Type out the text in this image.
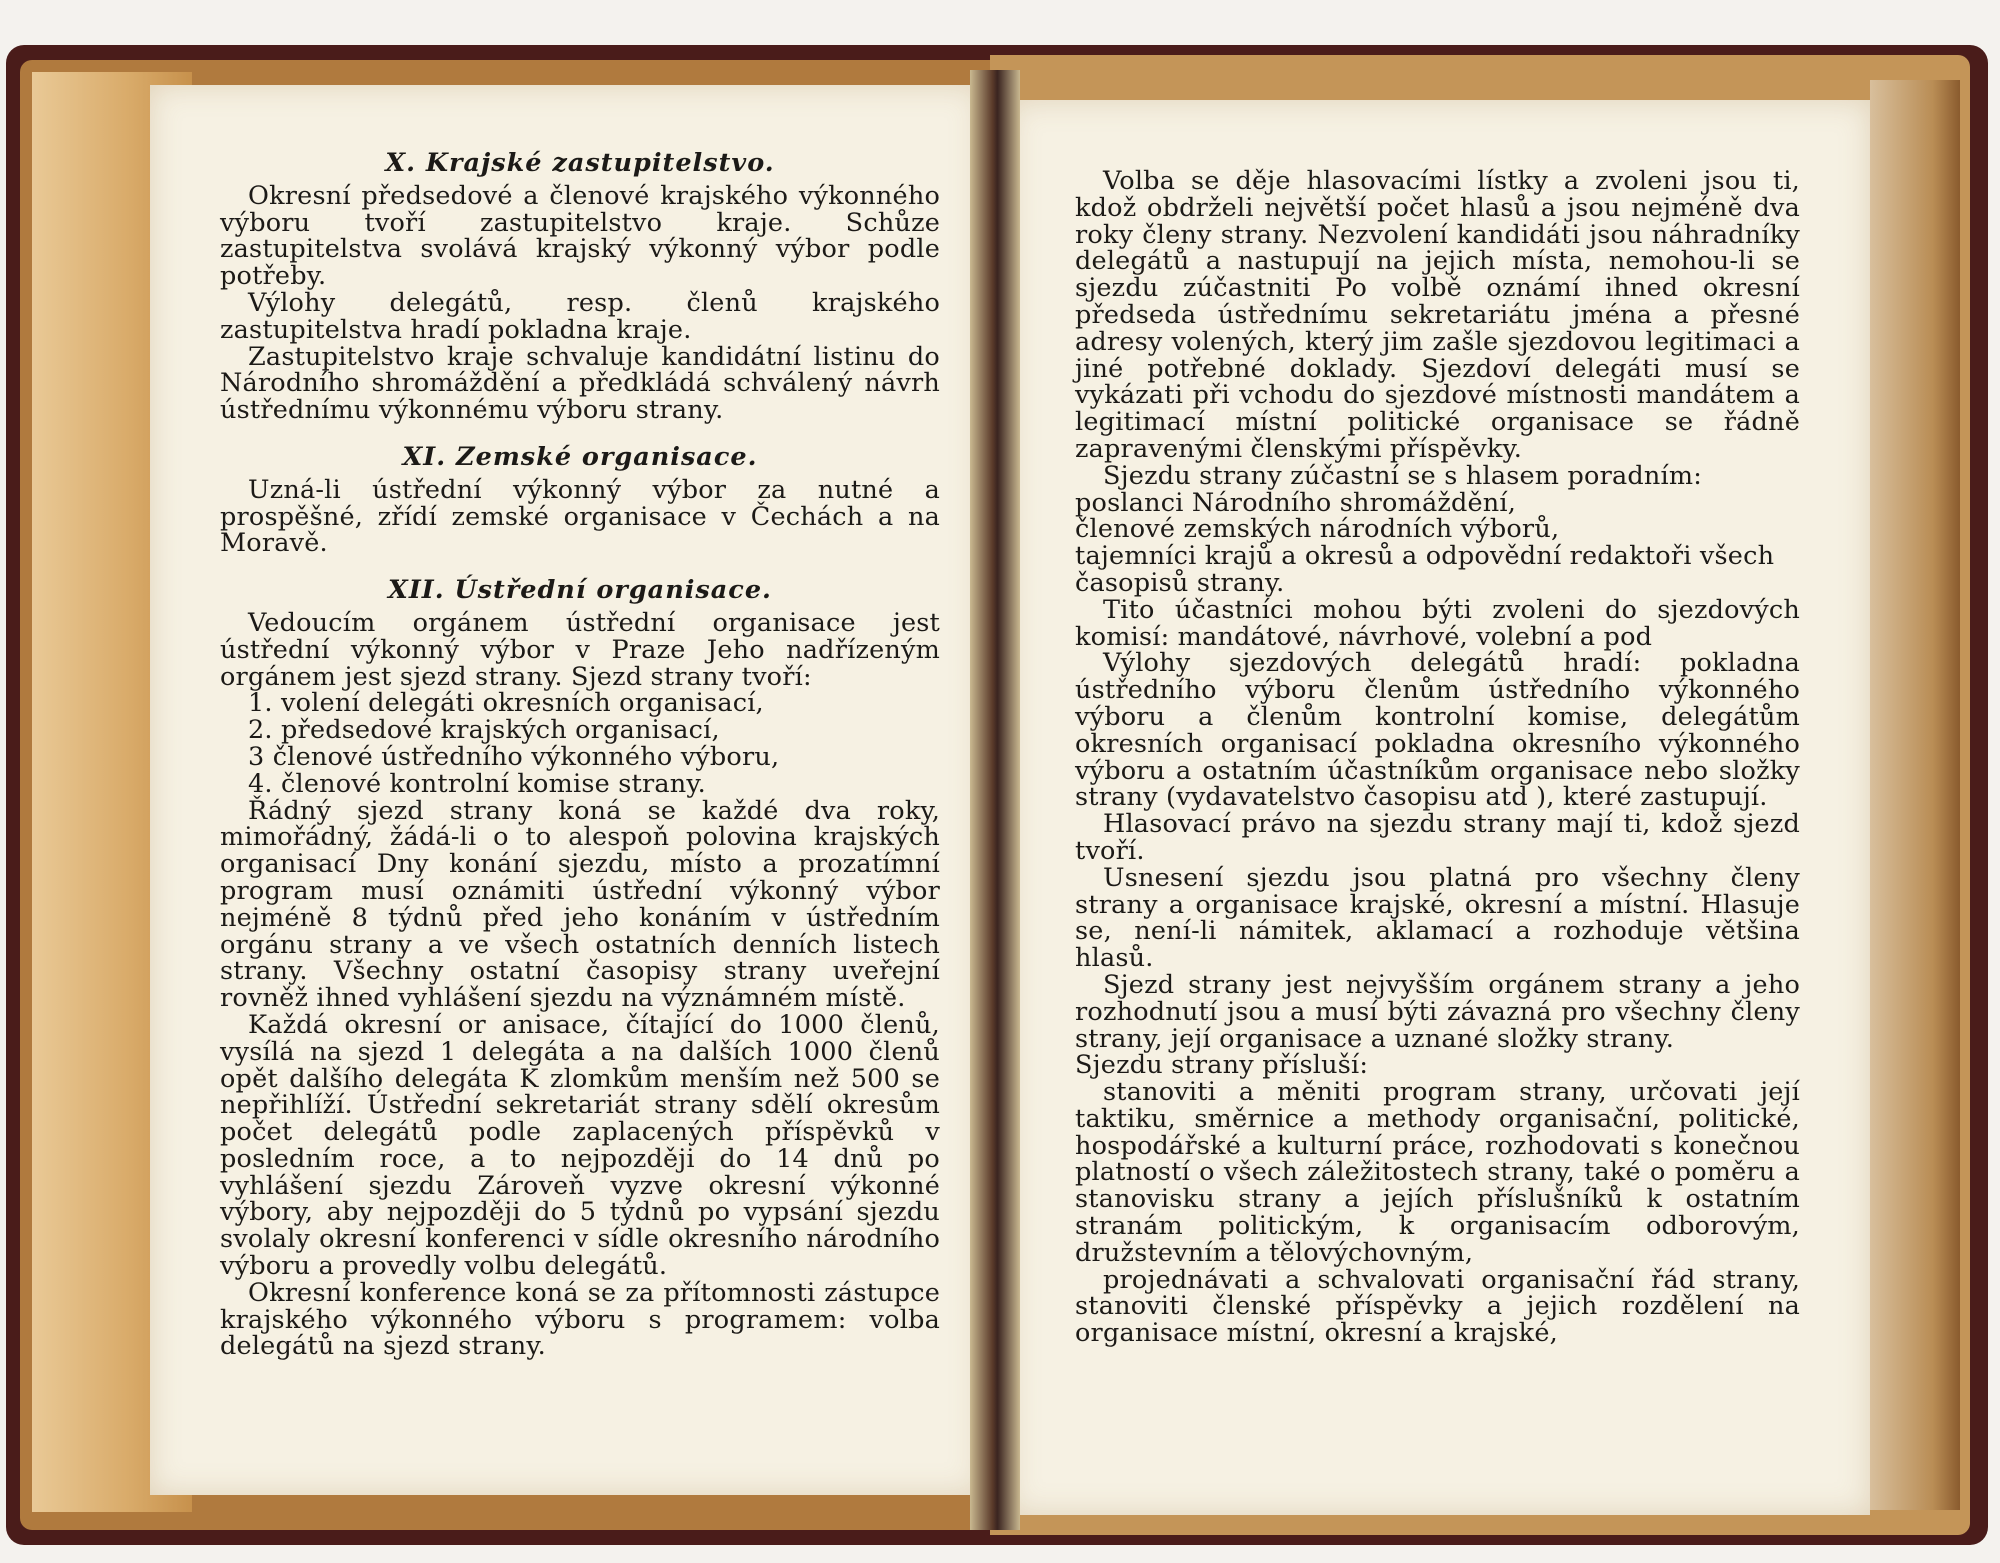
X. Krajské zastupitelstvo.

Okresní předsedové a členové krajského výkonného výboru tvoří zastupitelstvo kraje. Schůze zastupitelstva svolává krajský výkonný výbor podle potřeby.

Výlohy delegátů, resp. členů krajského zastupitelstva hradí pokladna kraje.

Zastupitelstvo kraje schvaluje kandidátní listinu do Národního shromáždění a předkládá schválený návrh ústřednímu výkonnému výboru strany.

XI. Zemské organisace.

Uzná-li ústřední výkonný výbor za nutné a prospěšné, zřídí zemské organisace v Čechách a na Moravě.

XII. Ústřední organisace.

Vedoucím orgánem ústřední organisace jest ústřední výkonný výbor v Praze Jeho nadřízeným orgánem jest sjezd strany. Sjezd strany tvoří:

1. volení delegáti okresních organisací,

2. předsedové krajských organisací,

3 členové ústředního výkonného výboru,

4. členové kontrolní komise strany.

Řádný sjezd strany koná se každé dva roky, mimořádný, žádá-li o to alespoň polovina krajských organisací Dny konání sjezdu, místo a prozatímní program musí oznámiti ústřední výkonný výbor nejméně 8 týdnů před jeho konáním v ústředním orgánu strany a ve všech ostatních denních listech strany. Všechny ostatní časopisy strany uveřejní rovněž ihned vyhlášení sjezdu na význámném místě.

Každá okresní or anisace, čítající do 1000 členů, vysílá na sjezd 1 delegáta a na dalších 1000 členů opět dalšího delegáta K zlomkům menším než 500 se nepřihlíží. Ústřední sekretariát strany sdělí okresům počet delegátů podle zaplacených příspěvků v posledním roce, a to nejpozději do 14 dnů po vyhlášení sjezdu Zároveň vyzve okresní výkonné výbory, aby nejpozději do 5 týdnů po vypsání sjezdu svolaly okresní konferenci v sídle okresního národního výboru a provedly volbu delegátů.

Okresní konference koná se za přítomnosti zástupce krajského výkonného výboru s programem: volba delegátů na sjezd strany.

Volba se děje hlasovacími lístky a zvoleni jsou ti, kdož obdrželi největší počet hlasů a jsou nejméně dva roky členy strany. Nezvolení kandidáti jsou náhradníky delegátů a nastupují na jejich místa, nemohou-li se sjezdu zúčastniti Po volbě oznámí ihned okresní předseda ústřednímu sekretariátu jména a přesné adresy volených, který jim zašle sjezdovou legitimaci a jiné potřebné doklady. Sjezdoví delegáti musí se vykázati při vchodu do sjezdové místnosti mandátem a legitimací místní politické organisace se řádně zapravenými členskými příspěvky.

Sjezdu strany zúčastní se s hlasem poradním:

poslanci Národního shromáždění,

členové zemských národních výborů,

tajemníci krajů a okresů a odpovědní redaktoři všech časopisů strany.

Tito účastníci mohou býti zvoleni do sjezdových komisí: mandátové, návrhové, volební a pod

Výlohy sjezdových delegátů hradí: pokladna ústředního výboru členům ústředního výkonného výboru a členům kontrolní komise, delegátům okresních organisací pokladna okresního výkonného výboru a ostatním účastníkům organisace nebo složky strany (vydavatelstvo časopisu atd ), které zastupují.

Hlasovací právo na sjezdu strany mají ti, kdož sjezd tvoří.

Usnesení sjezdu jsou platná pro všechny členy strany a organisace krajské, okresní a místní. Hlasuje se, není-li námitek, aklamací a rozhoduje většina hlasů.

Sjezd strany jest nejvyšším orgánem strany a jeho rozhodnutí jsou a musí býti závazná pro všechny členy strany, její organisace a uznané složky strany.

Sjezdu strany přísluší:

stanoviti a měniti program strany, určovati její taktiku, směrnice a methody organisační, politické, hospodářské a kulturní práce, rozhodovati s konečnou platností o všech záležitostech strany, také o poměru a stanovisku strany a jejích příslušníků k ostatním stranám politickým, k organisacím odborovým, družstevním a tělovýchovným,

projednávati a schvalovati organisační řád strany, stanoviti členské příspěvky a jejich rozdělení na organisace místní, okresní a krajské,
